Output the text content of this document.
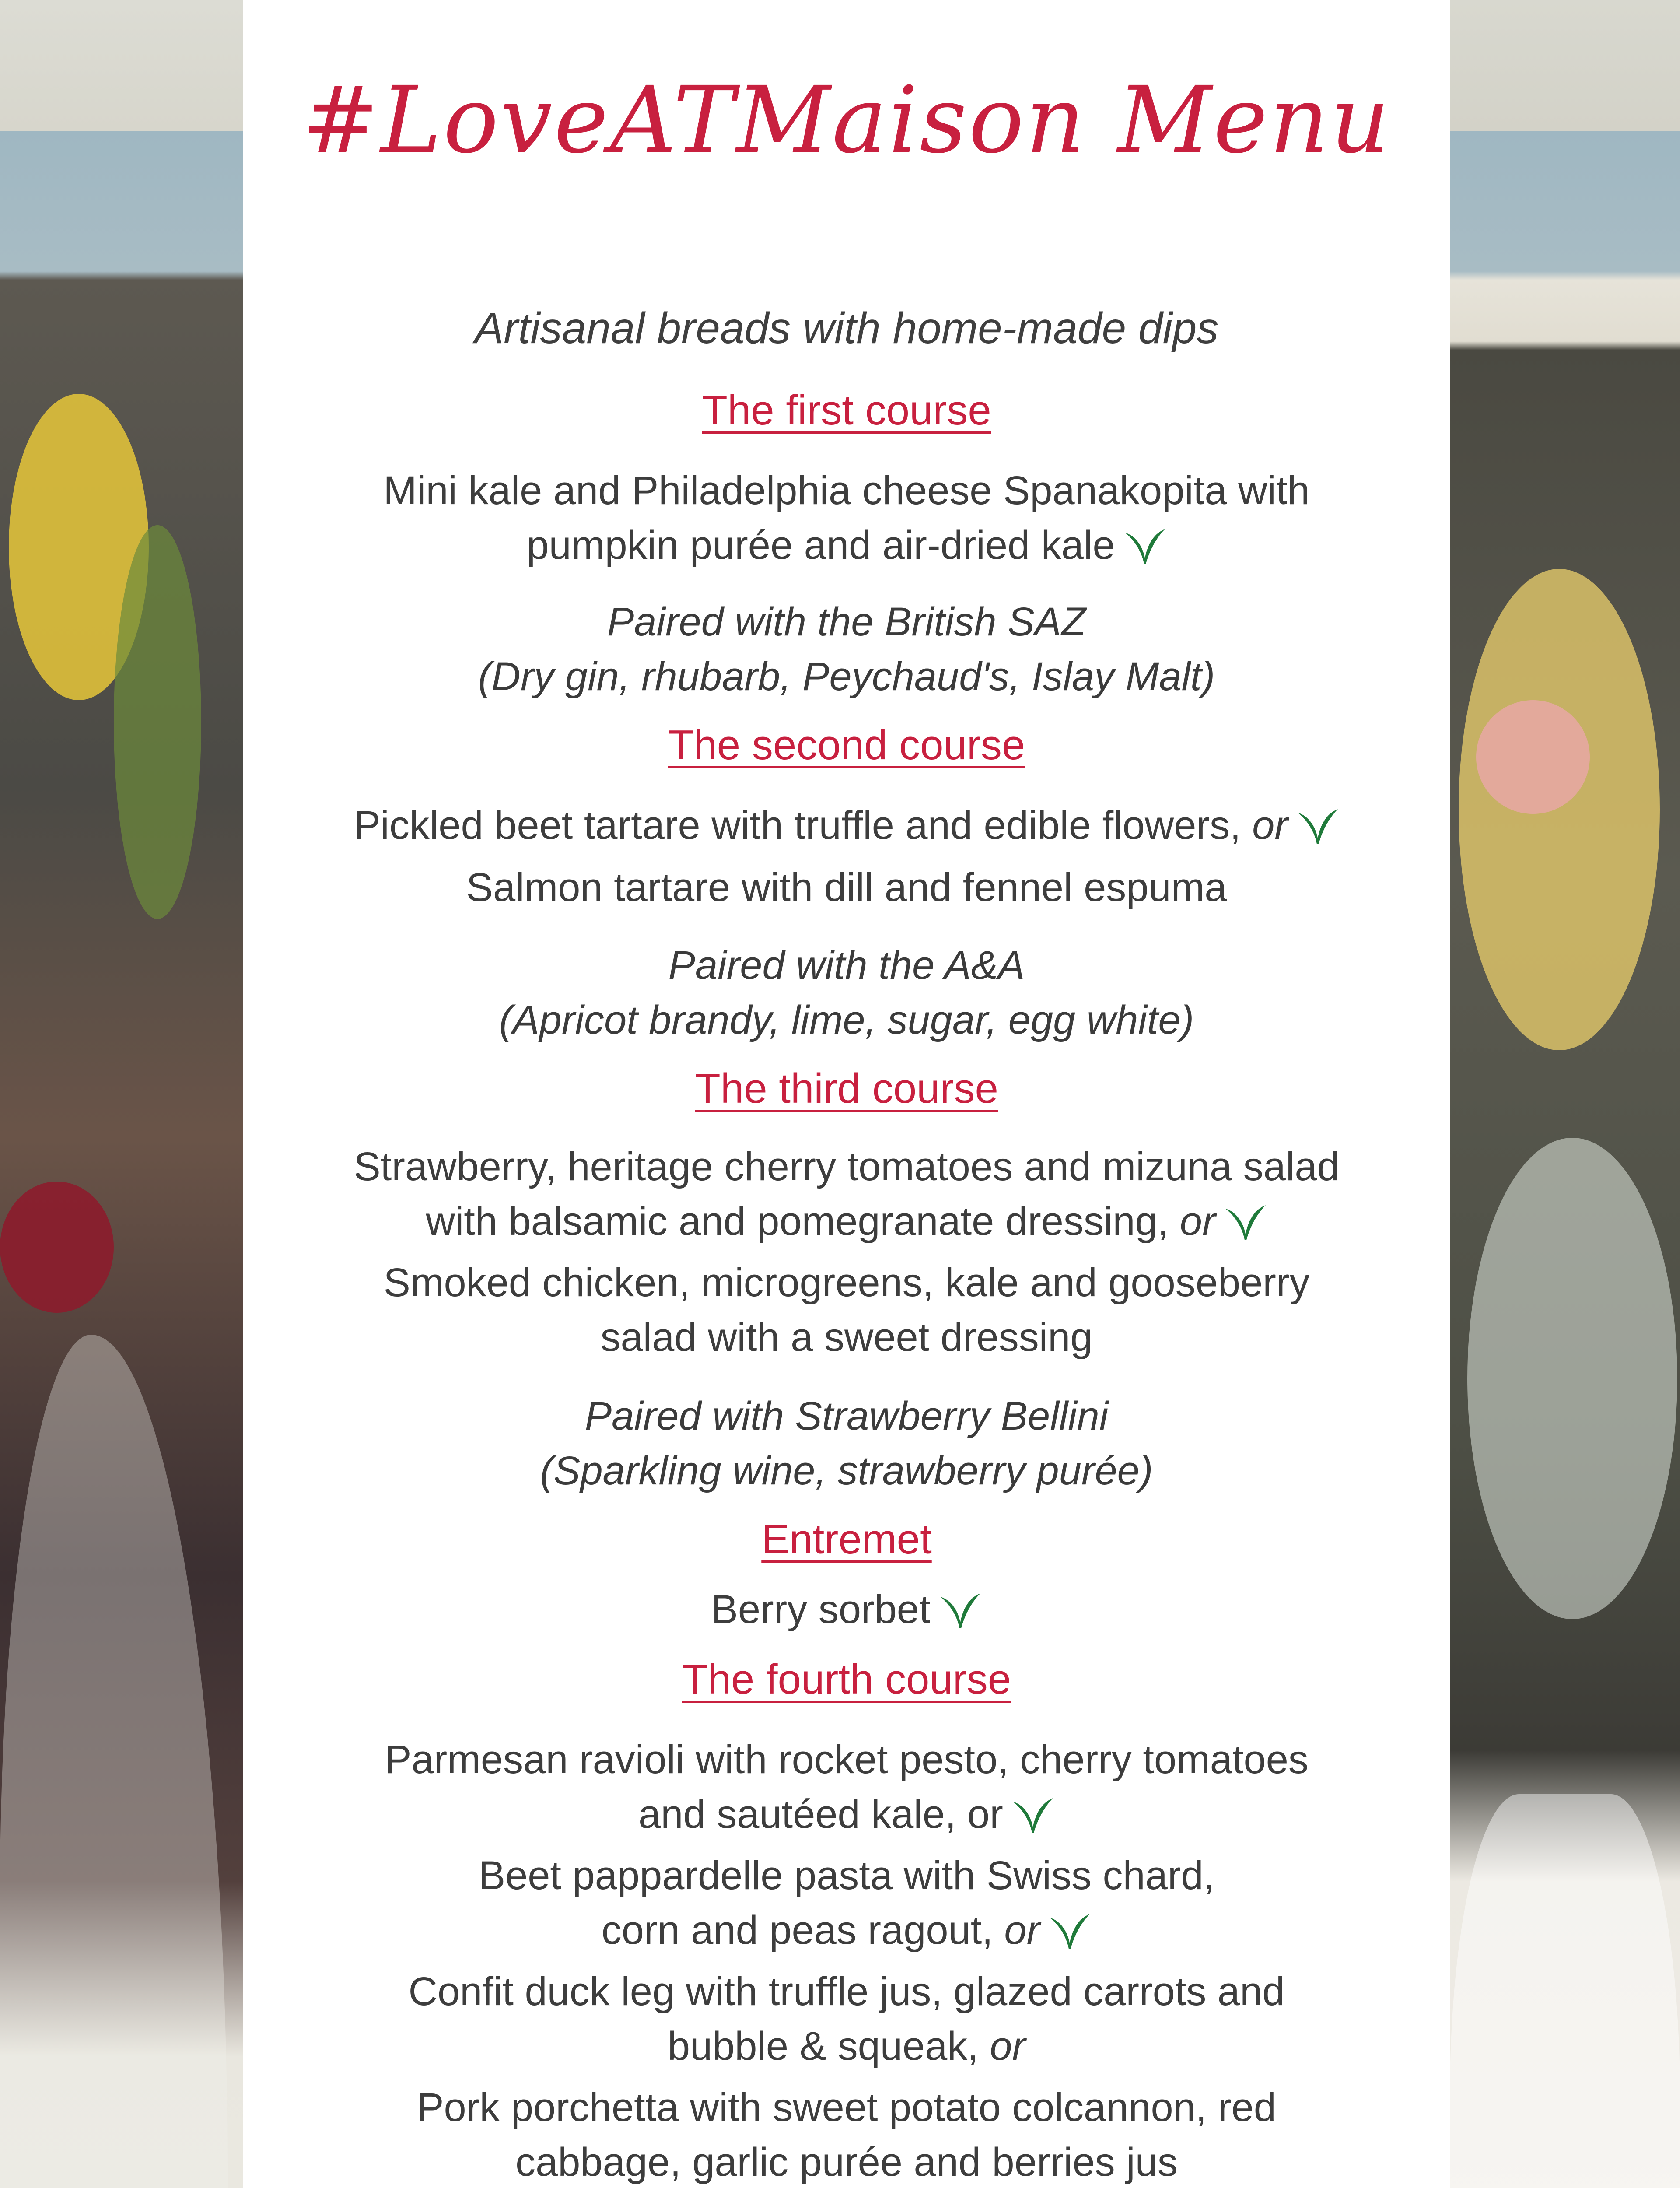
#LoveATMaison Menu
Artisanal breads with home-made dips
The first course
Mini kale and Philadelphia cheese Spanakopita with
pumpkin purée and air-dried kale
Paired with the British SAZ
(Dry gin, rhubarb, Peychaud's, Islay Malt)
The second course
Pickled beet tartare with truffle and edible flowers, or
Salmon tartare with dill and fennel espuma
Paired with the A&A
(Apricot brandy, lime, sugar, egg white)
The third course
Strawberry, heritage cherry tomatoes and mizuna salad
with balsamic and pomegranate dressing, or
Smoked chicken, microgreens, kale and gooseberry
salad with a sweet dressing
Paired with Strawberry Bellini
(Sparkling wine, strawberry purée)
Entremet
Berry sorbet
The fourth course
Parmesan ravioli with rocket pesto, cherry tomatoes
and sautéed kale, or
Beet pappardelle pasta with Swiss chard,
corn and peas ragout, or
Confit duck leg with truffle jus, glazed carrots and
bubble & squeak, or
Pork porchetta with sweet potato colcannon, red
cabbage, garlic purée and berries jus
